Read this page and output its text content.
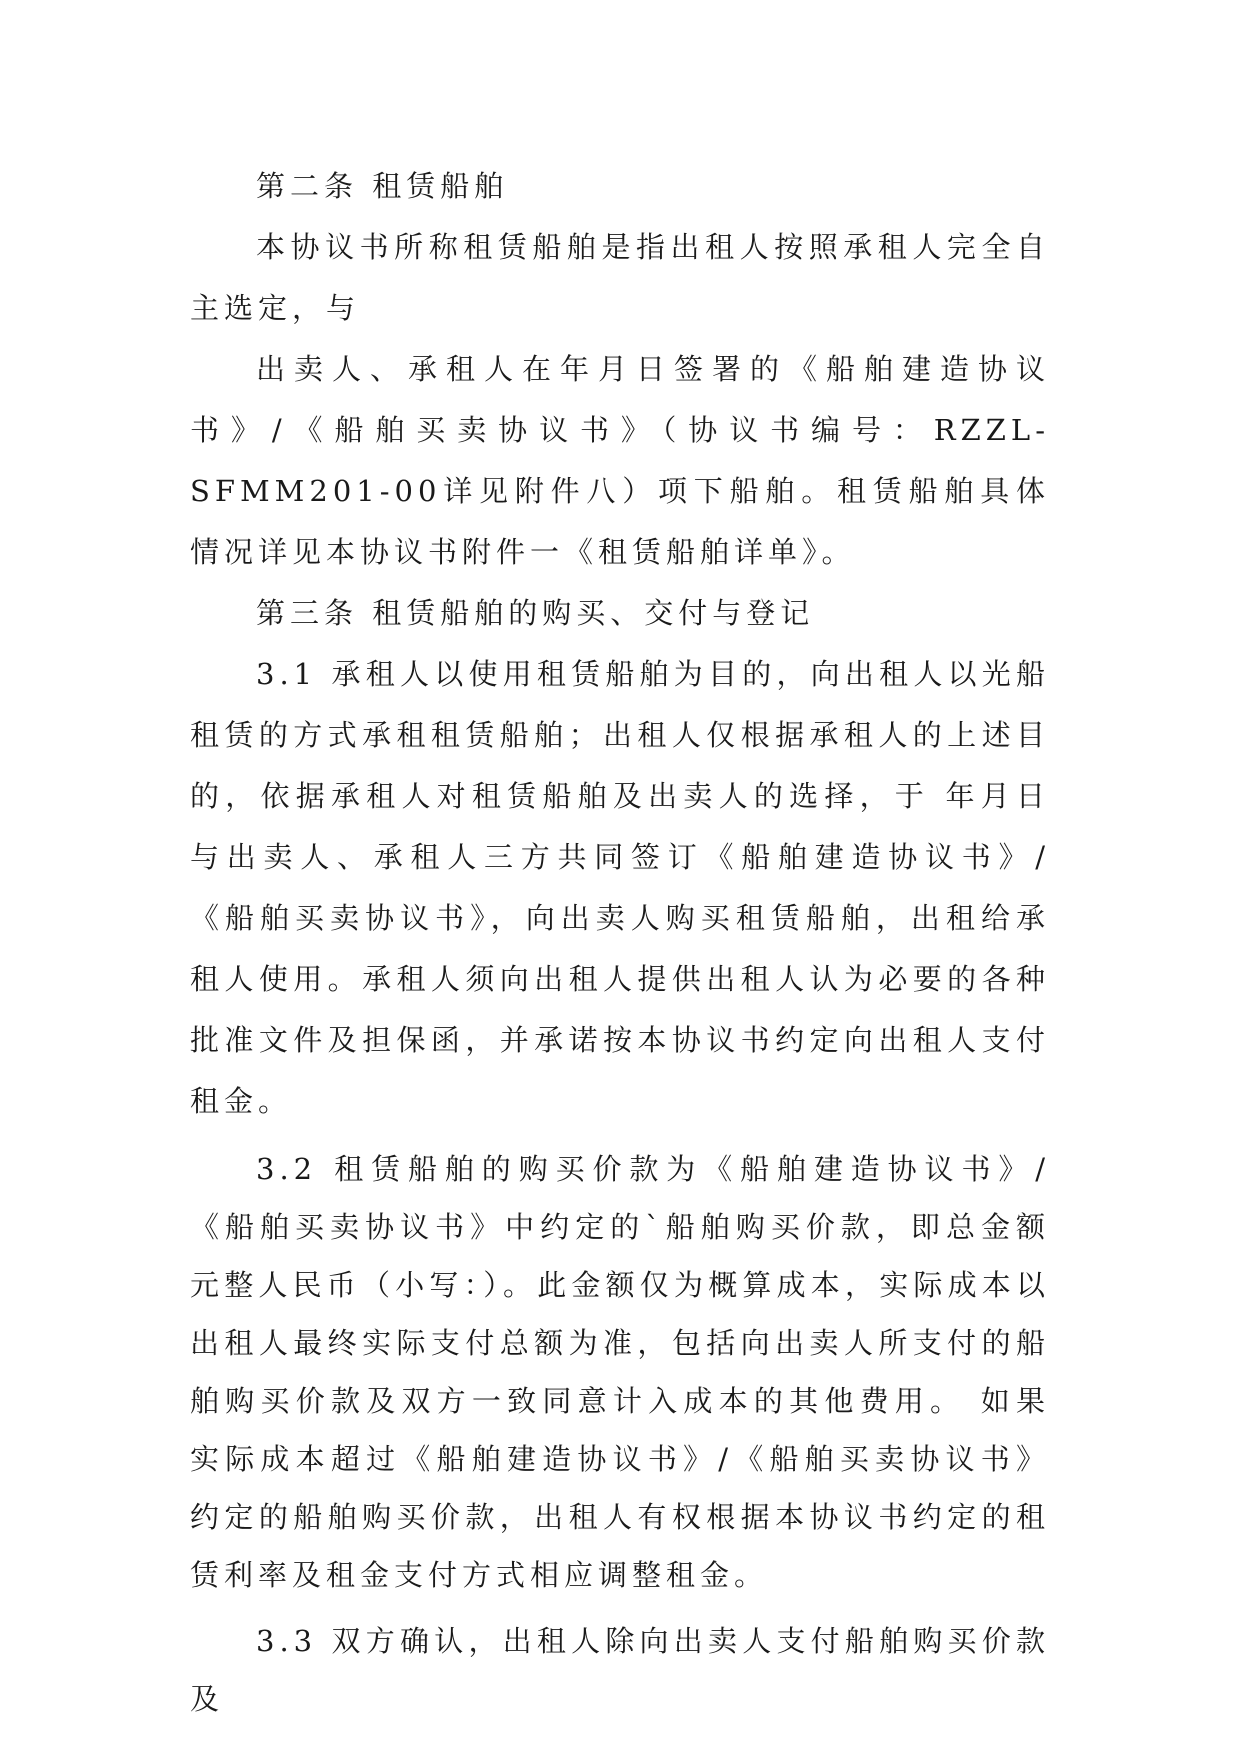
第二条 租赁船舶

本协议书所称租赁船舶是指出租人按照承租人完全自主选定，与

出卖人、承租人在年月日签署的《船舶建造协议书》/《船舶买卖协议书》（协议书编号：RZZL-SFMM201-00详见附件八）项下船舶。租赁船舶具体情况详见本协议书附件一《租赁船舶详单》。

第三条 租赁船舶的购买、交付与登记

3.1 承租人以使用租赁船舶为目的，向出租人以光船租赁的方式承租租赁船舶；出租人仅根据承租人的上述目的，依据承租人对租赁船舶及出卖人的选择，于 年月日与出卖人、承租人三方共同签订《船舶建造协议书》/《船舶买卖协议书》，向出卖人购买租赁船舶，出租给承租人使用。承租人须向出租人提供出租人认为必要的各种批准文件及担保函，并承诺按本协议书约定向出租人支付租金。

3.2 租赁船舶的购买价款为《船舶建造协议书》/《船舶买卖协议书》中约定的`船舶购买价款，即总金额元整人民币（小写：）。此金额仅为概算成本，实际成本以出租人最终实际支付总额为准，包括向出卖人所支付的船舶购买价款及双方一致同意计入成本的其他费用。 如果实际成本超过《船舶建造协议书》/《船舶买卖协议书》约定的船舶购买价款，出租人有权根据本协议书约定的租赁利率及租金支付方式相应调整租金。

3.3 双方确认，出租人除向出卖人支付船舶购买价款及
